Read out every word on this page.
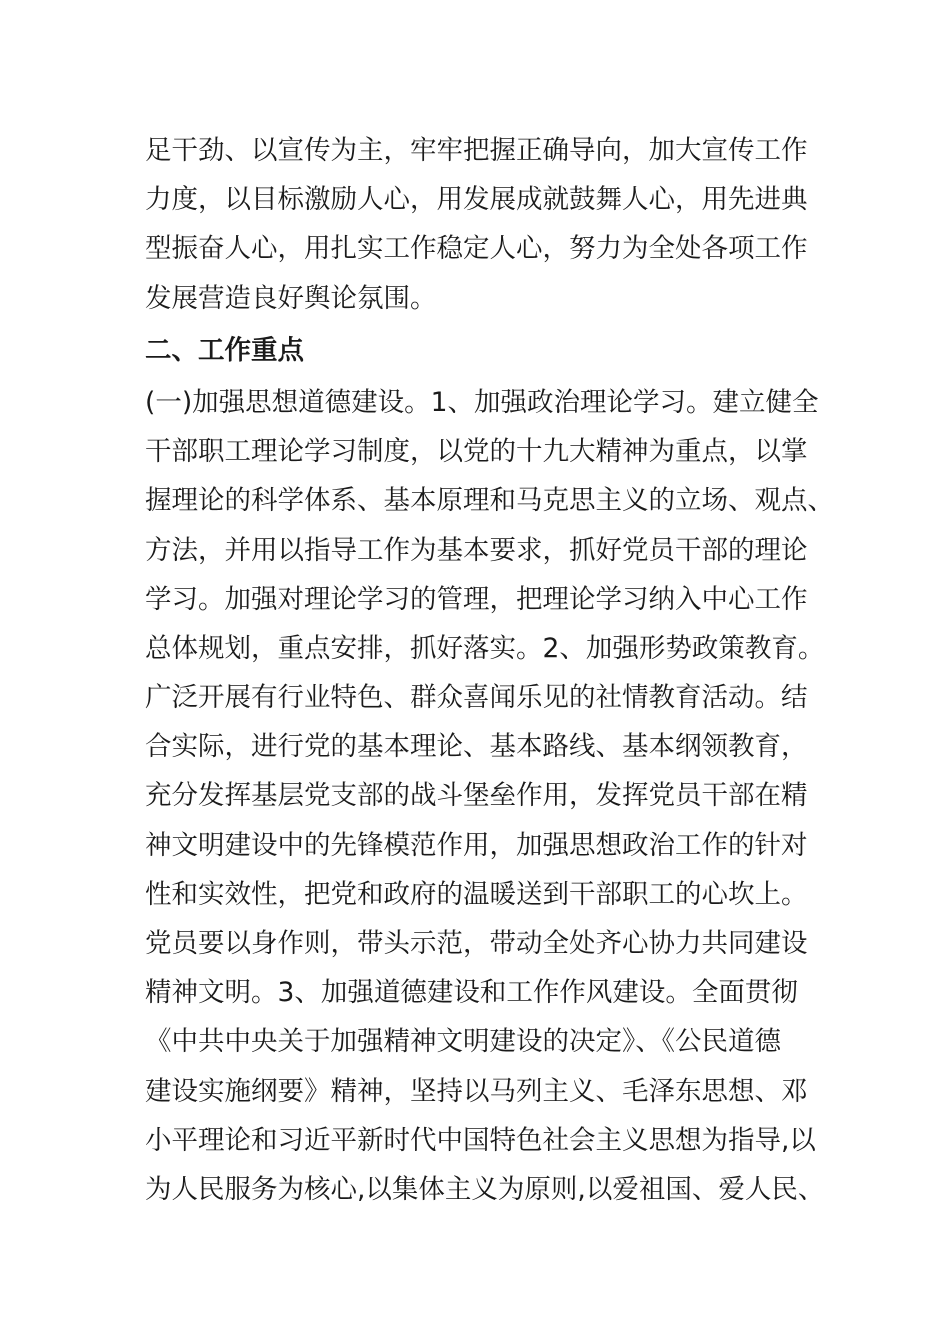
足干劲、以宣传为主，牢牢把握正确导向，加大宣传工作
力度，以目标激励人心，用发展成就鼓舞人心，用先进典
型振奋人心，用扎实工作稳定人心，努力为全处各项工作
发展营造良好舆论氛围。
二、工作重点
(一)加强思想道德建设。1、加强政治理论学习。建立健全
干部职工理论学习制度，以党的十九大精神为重点，以掌
握理论的科学体系、基本原理和马克思主义的立场、观点、
方法，并用以指导工作为基本要求，抓好党员干部的理论
学习。加强对理论学习的管理，把理论学习纳入中心工作
总体规划，重点安排，抓好落实。2、加强形势政策教育。
广泛开展有行业特色、群众喜闻乐见的社情教育活动。结
合实际，进行党的基本理论、基本路线、基本纲领教育，
充分发挥基层党支部的战斗堡垒作用，发挥党员干部在精
神文明建设中的先锋模范作用，加强思想政治工作的针对
性和实效性，把党和政府的温暖送到干部职工的心坎上。
党员要以身作则，带头示范，带动全处齐心协力共同建设
精神文明。3、加强道德建设和工作作风建设。全面贯彻
《中共中央关于加强精神文明建设的决定》、《公民道德
建设实施纲要》精神，坚持以马列主义、毛泽东思想、邓
小平理论和习近平新时代中国特色社会主义思想为指导,以
为人民服务为核心,以集体主义为原则,以爱祖国、爱人民、
